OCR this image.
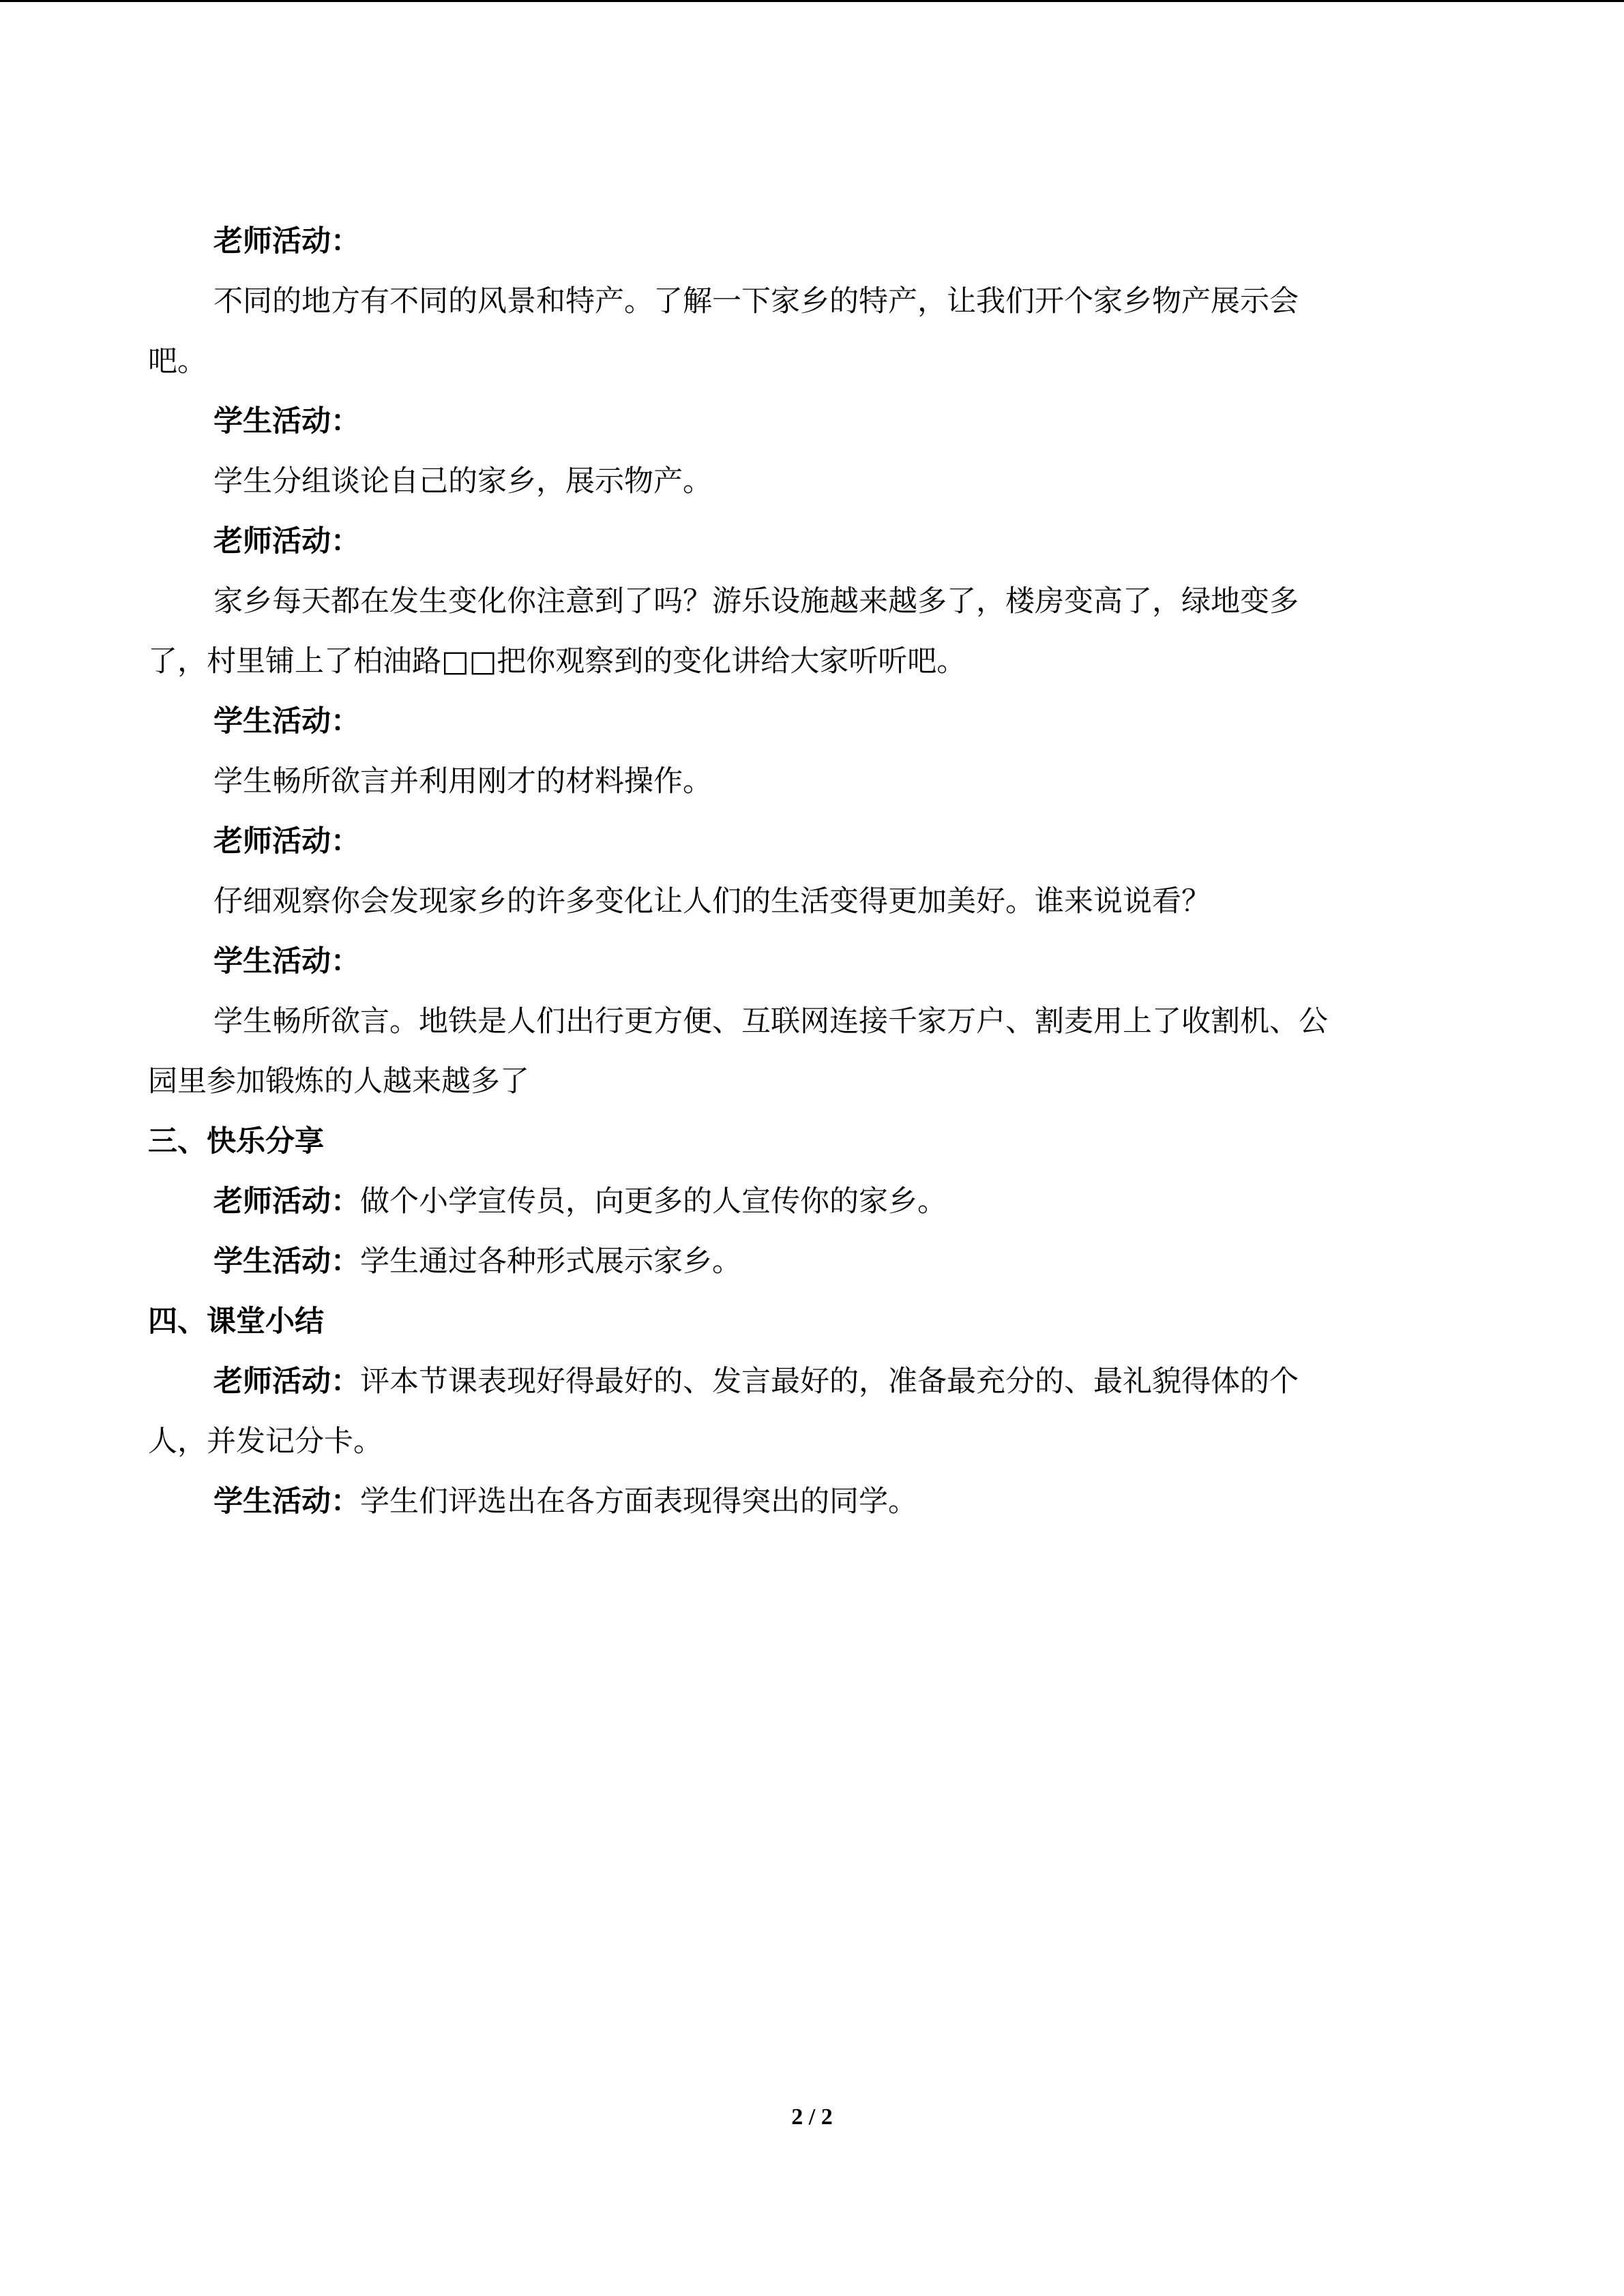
老师活动：
不同的地方有不同的风景和特产。了解一下家乡的特产，让我们开个家乡物产展示会
吧。
学生活动：
学生分组谈论自己的家乡，展示物产。
老师活动：
家乡每天都在发生变化你注意到了吗？游乐设施越来越多了，楼房变高了，绿地变多
了，村里铺上了柏油路□□把你观察到的变化讲给大家听听吧。
学生活动：
学生畅所欲言并利用刚才的材料操作。
老师活动：
仔细观察你会发现家乡的许多变化让人们的生活变得更加美好。谁来说说看？
学生活动：
学生畅所欲言。地铁是人们出行更方便、互联网连接千家万户、割麦用上了收割机、公
园里参加锻炼的人越来越多了
三、快乐分享
老师活动：做个小学宣传员，向更多的人宣传你的家乡。
学生活动：学生通过各种形式展示家乡。
四、课堂小结
老师活动：评本节课表现好得最好的、发言最好的，准备最充分的、最礼貌得体的个
人，并发记分卡。
学生活动：学生们评选出在各方面表现得突出的同学。
2 / 2
